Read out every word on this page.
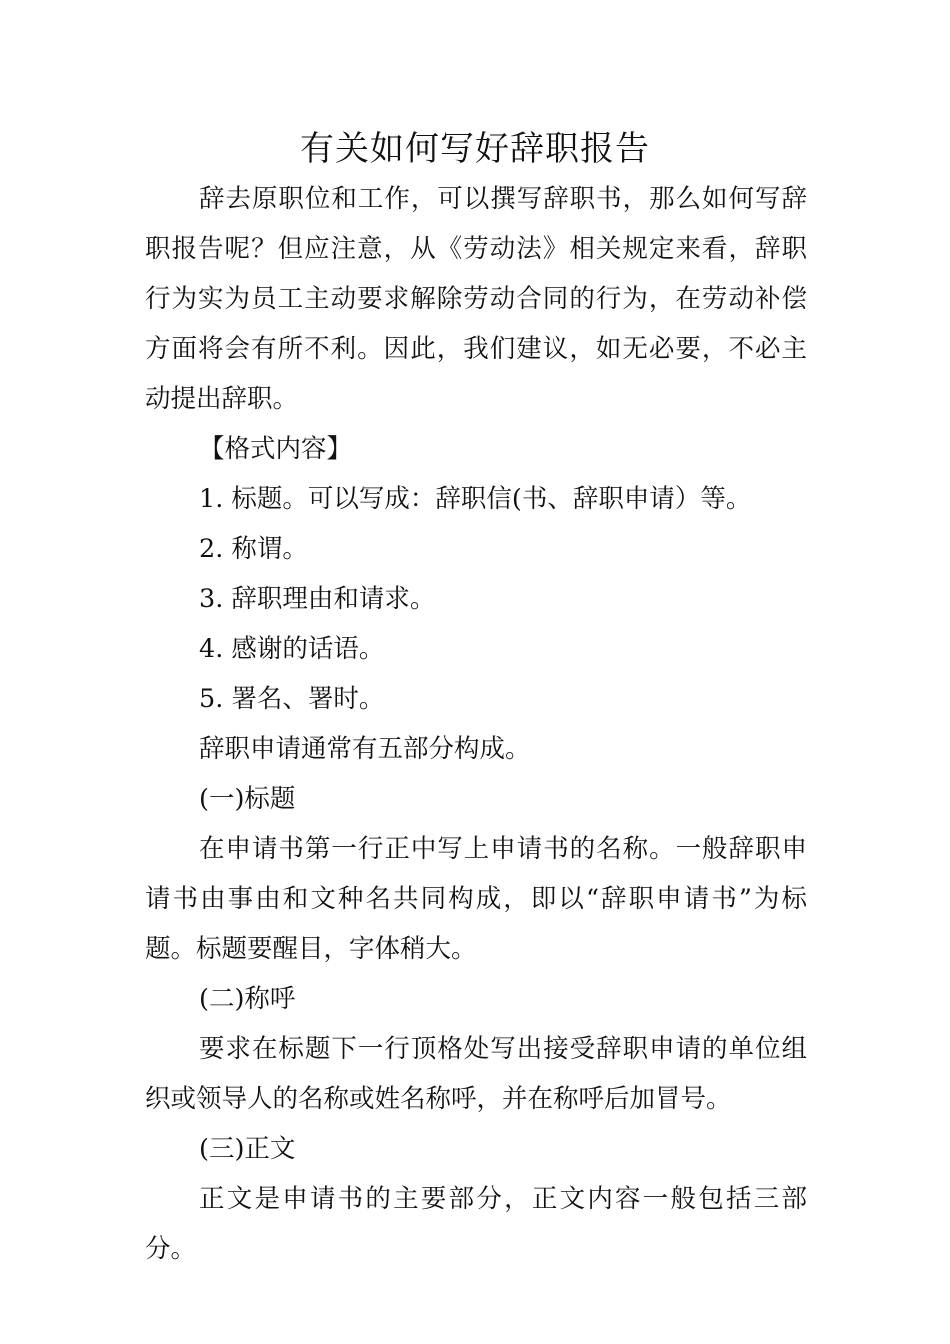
有关如何写好辞职报告

辞去原职位和工作，可以撰写辞职书，那么如何写辞职报告呢？但应注意，从《劳动法》相关规定来看，辞职行为实为员工主动要求解除劳动合同的行为，在劳动补偿方面将会有所不利。因此，我们建议，如无必要，不必主动提出辞职。

【格式内容】

1. 标题。可以写成：辞职信(书、辞职申请）等。

2. 称谓。

3. 辞职理由和请求。

4. 感谢的话语。

5. 署名、署时。

辞职申请通常有五部分构成。

(一)标题

在申请书第一行正中写上申请书的名称。一般辞职申请书由事由和文种名共同构成，即以“辞职申请书”为标题。标题要醒目，字体稍大。

(二)称呼

要求在标题下一行顶格处写出接受辞职申请的单位组织或领导人的名称或姓名称呼，并在称呼后加冒号。

(三)正文

正文是申请书的主要部分，正文内容一般包括三部分。
